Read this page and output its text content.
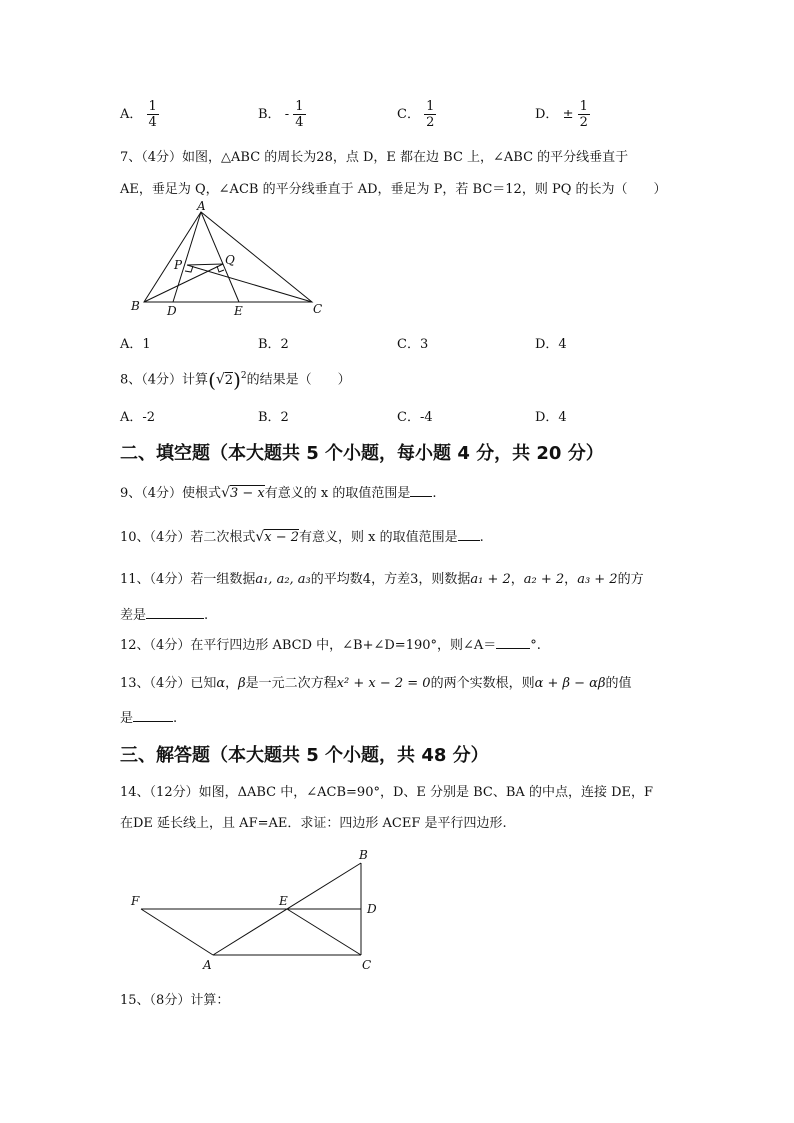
A． $\frac{1}{4}$	B． - $\frac{1}{4}$	C． $\frac{1}{2}$	D． ± $\frac{1}{2}$
7、（4分）如图，△ABC 的周长为28，点 D，E 都在边 BC 上，∠ABC 的平分线垂直于
AE，垂足为 Q，∠ACB 的平分线垂直于 AD，垂足为 P，若 BC＝12，则 PQ 的长为（　　）
A
B	C
D	E
P	Q
A．1	B．2	C．3	D．4
8、（4分）计算$(√2)^2$的结果是（　　）
A．-2	B．2	C．-4	D．4
二、填空题（本大题共 5 个小题，每小题 4 分，共 20 分）
9、（4分）使根式√3 − x有意义的 x 的取值范围是 .
10、（4分）若二次根式√x − 2有意义，则 x 的取值范围是 .
11、（4分）若一组数据a₁, a₂, a₃的平均数4，方差3，则数据a₁ + 2，a₂ + 2，a₃ + 2的方
差是	.
12、（4分）在平行四边形 ABCD 中，∠B+∠D=190°，则∠A＝	°.
13、（4分）已知α，β是一元二次方程x² + x − 2 = 0的两个实数根，则α + β − αβ的值
是	.
三、解答题（本大题共 5 个小题，共 48 分）
14、（12分）如图，ΔABC 中，∠ACB=90°，D、E 分别是 BC、BA 的中点，连接 DE，F
在DE 延长线上，且 AF=AE．求证：四边形 ACEF 是平行四边形.
B
F	E
D
A	C
15、（8分）计算：
